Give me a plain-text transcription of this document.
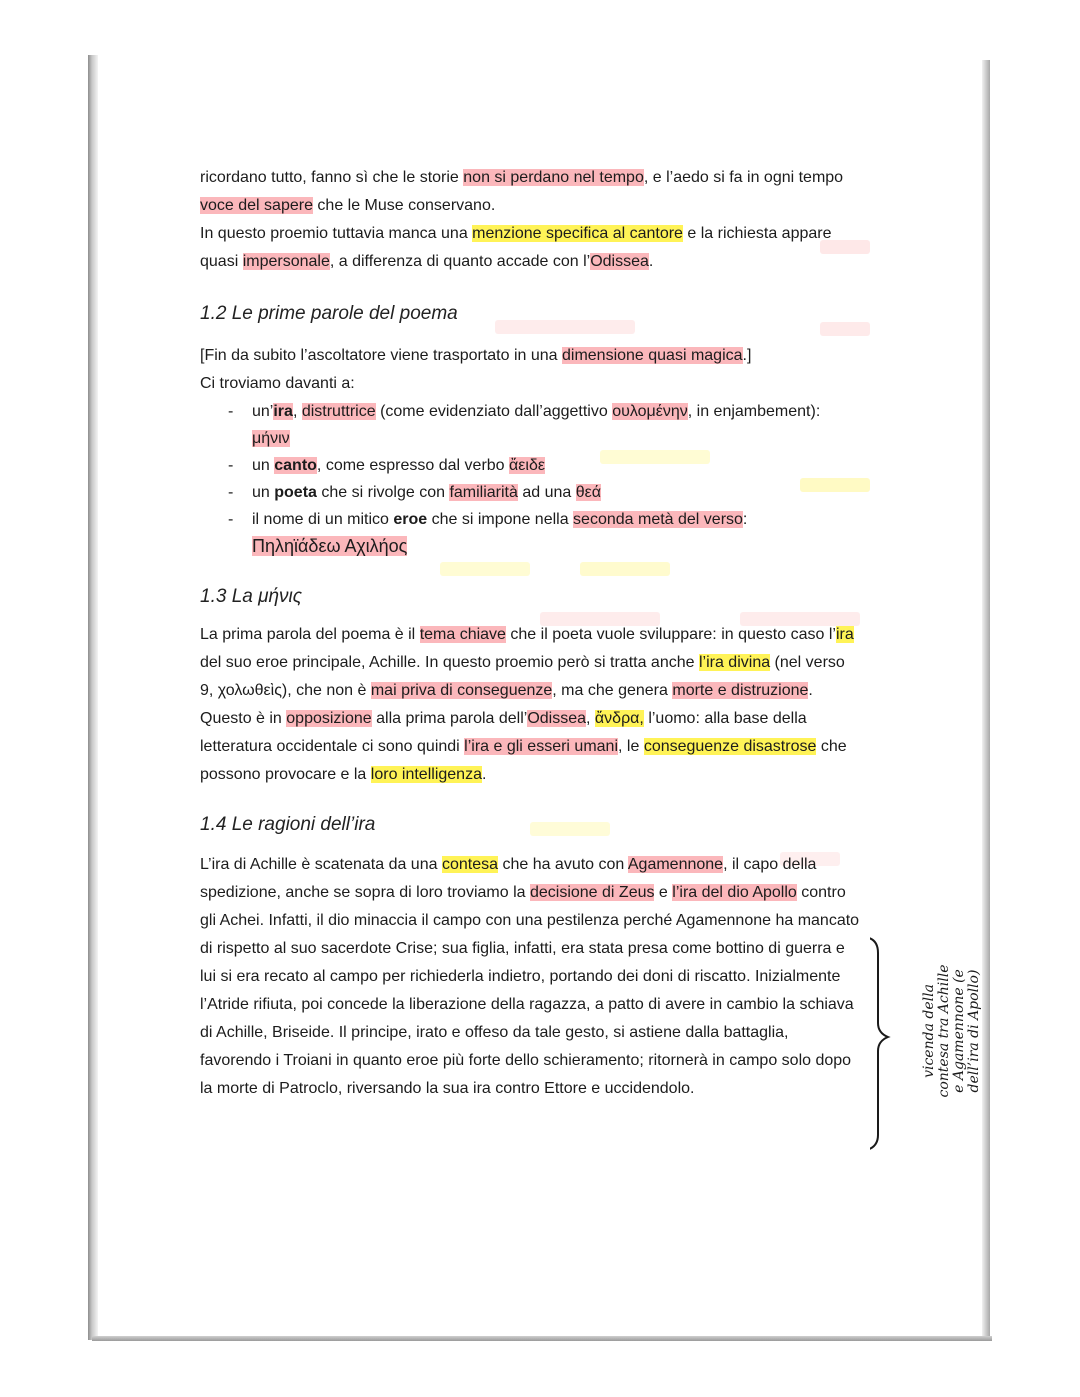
ricordano tutto, fanno sì che le storie non si perdano nel tempo, e l’aedo si fa in ogni tempo voce del sapere che le Muse conservano.

In questo proemio tuttavia manca una menzione specifica al cantore e la richiesta appare quasi impersonale, a differenza di quanto accade con l’Odissea.

1.2 Le prime parole del poema

[Fin da subito l’ascoltatore viene trasportato in una dimensione quasi magica.]

Ci troviamo davanti a:

- un’ira, distruttrice (come evidenziato dall’aggettivo ουλομένην, in enjambement): μήνιν
- un canto, come espresso dal verbo ἄειδε
- un poeta che si rivolge con familiarità ad una θεά
- il nome di un mitico eroe che si impone nella seconda metà del verso:
Πηληϊάδεω Αχιλήος

1.3 La μήνις

La prima parola del poema è il tema chiave che il poeta vuole sviluppare: in questo caso l’ira del suo eroe principale, Achille. In questo proemio però si tratta anche l’ira divina (nel verso 9, χολωθεὶς), che non è mai priva di conseguenze, ma che genera morte e distruzione. Questo è in opposizione alla prima parola dell’Odissea, ἄνδρα, l’uomo: alla base della letteratura occidentale ci sono quindi l’ira e gli esseri umani, le conseguenze disastrose che possono provocare e la loro intelligenza.

1.4 Le ragioni dell’ira

L’ira di Achille è scatenata da una contesa che ha avuto con Agamennone, il capo della spedizione, anche se sopra di loro troviamo la decisione di Zeus e l’ira del dio Apollo contro gli Achei. Infatti, il dio minaccia il campo con una pestilenza perché Agamennone ha mancato di rispetto al suo sacerdote Crise; sua figlia, infatti, era stata presa come bottino di guerra e lui si era recato al campo per richiederla indietro, portando dei doni di riscatto. Inizialmente l’Atride rifiuta, poi concede la liberazione della ragazza, a patto di avere in cambio la schiava di Achille, Briseide. Il principe, irato e offeso da tale gesto, si astiene dalla battaglia, favorendo i Troiani in quanto eroe più forte dello schieramento; ritornerà in campo solo dopo la morte di Patroclo, riversando la sua ira contro Ettore e uccidendolo.

vicenda della contesa tra Achille e Agamennone (e dell’ira di Apollo)
